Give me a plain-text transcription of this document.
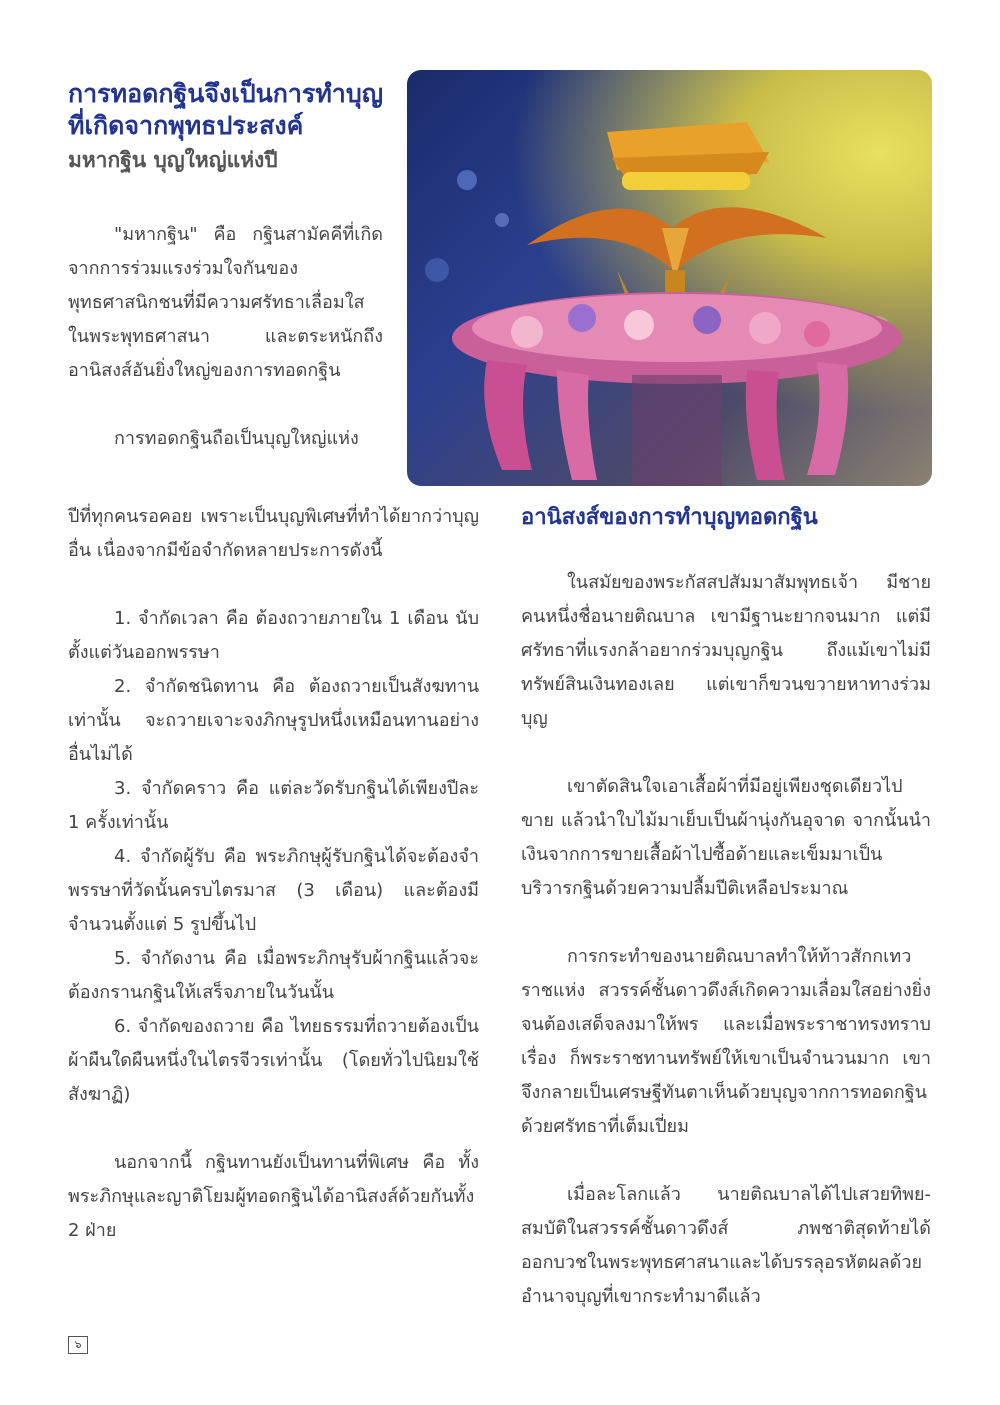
การทอดกฐินจึงเป็นการทำบุญ
ที่เกิดจากพุทธประสงค์
มหากฐิน บุญใหญ่แห่งปี

"มหากฐิน" คือ กฐินสามัคคีที่เกิดจากการร่วมแรงร่วมใจกันของพุทธศาสนิกชนที่มีความศรัทธาเลื่อมใสในพระพุทธศาสนา และตระหนักถึงอานิสงส์อันยิ่งใหญ่ของการทอดกฐิน

การทอดกฐินถือเป็นบุญใหญ่แห่ง

ปีที่ทุกคนรอคอย เพราะเป็นบุญพิเศษที่ทำได้ยากว่าบุญอื่น เนื่องจากมีข้อจำกัดหลายประการดังนี้

1. จำกัดเวลา คือ ต้องถวายภายใน 1 เดือน นับตั้งแต่วันออกพรรษา

2. จำกัดชนิดทาน คือ ต้องถวายเป็นสังฆทานเท่านั้น จะถวายเจาะจงภิกษุรูปหนึ่งเหมือนทานอย่างอื่นไม่ได้

3. จำกัดคราว คือ แต่ละวัดรับกฐินได้เพียงปีละ 1 ครั้งเท่านั้น

4. จำกัดผู้รับ คือ พระภิกษุผู้รับกฐินได้จะต้องจำพรรษาที่วัดนั้นครบไตรมาส (3 เดือน) และต้องมีจำนวนตั้งแต่ 5 รูปขึ้นไป

5. จำกัดงาน คือ เมื่อพระภิกษุรับผ้ากฐินแล้วจะต้องกรานกฐินให้เสร็จภายในวันนั้น

6. จำกัดของถวาย คือ ไทยธรรมที่ถวายต้องเป็นผ้าผืนใดผืนหนึ่งในไตรจีวรเท่านั้น (โดยทั่วไปนิยมใช้สังฆาฏิ)

นอกจากนี้ กฐินทานยังเป็นทานที่พิเศษ คือ ทั้งพระภิกษุและญาติโยมผู้ทอดกฐินได้อานิสงส์ด้วยกันทั้ง 2 ฝ่าย

อานิสงส์ของการทำบุญทอดกฐิน

ในสมัยของพระกัสสปสัมมาสัมพุทธเจ้า มีชายคนหนึ่งชื่อนายติณบาล เขามีฐานะยากจนมาก แต่มีศรัทธาที่แรงกล้าอยากร่วมบุญกฐิน ถึงแม้เขาไม่มีทรัพย์สินเงินทองเลย แต่เขาก็ขวนขวายหาทางร่วมบุญ

เขาตัดสินใจเอาเสื้อผ้าที่มีอยู่เพียงชุดเดียวไปขาย แล้วนำใบไม้มาเย็บเป็นผ้านุ่งกันอุจาด จากนั้นนำเงินจากการขายเสื้อผ้าไปซื้อด้ายและเข็มมาเป็นบริวารกฐินด้วยความปลื้มปีติเหลือประมาณ

การกระทำของนายติณบาลทำให้ท้าวสักกเทวราชแห่ง สวรรค์ชั้นดาวดึงส์เกิดความเลื่อมใสอย่างยิ่ง จนต้องเสด็จลงมาให้พร และเมื่อพระราชาทรงทราบเรื่อง ก็พระราชทานทรัพย์ให้เขาเป็นจำนวนมาก เขาจึงกลายเป็นเศรษฐีทันตาเห็นด้วยบุญจากการทอดกฐินด้วยศรัทธาที่เต็มเปี่ยม

เมื่อละโลกแล้ว นายติณบาลได้ไปเสวยทิพย-สมบัติในสวรรค์ชั้นดาวดึงส์ ภพชาติสุดท้ายได้ออกบวชในพระพุทธศาสนาและได้บรรลุอรหัตผลด้วยอำนาจบุญที่เขากระทำมาดีแล้ว

๖
